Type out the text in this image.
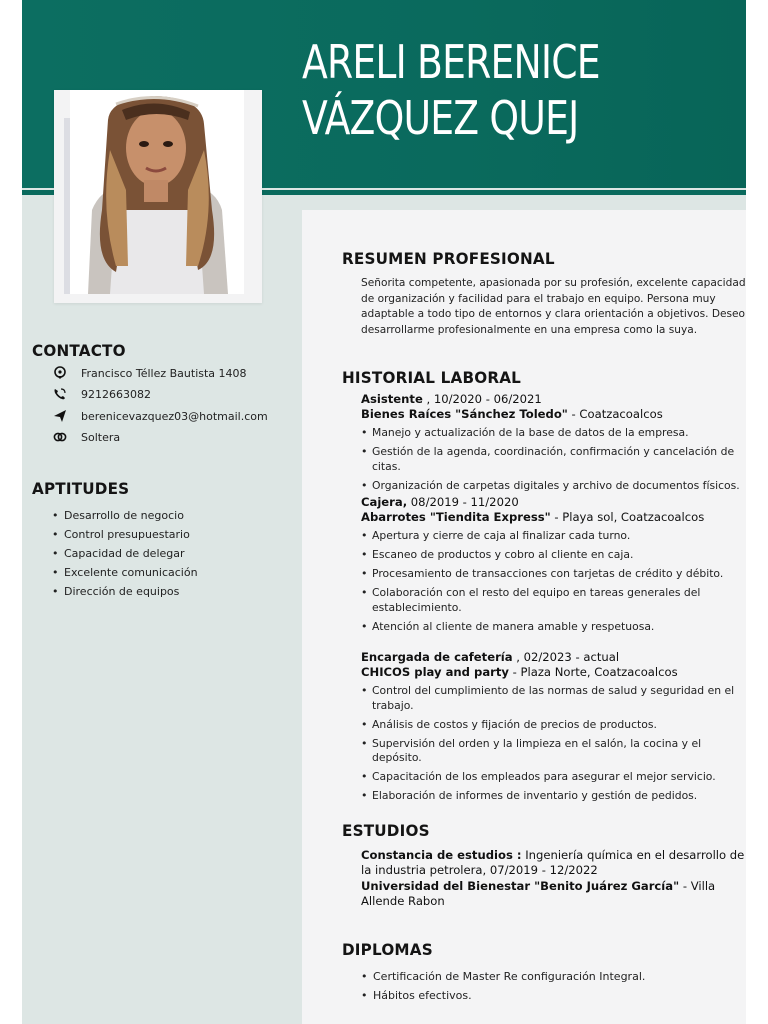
ARELI BERENICE
VÁZQUEZ QUEJ
CONTACTO
Francisco Téllez Bautista 1408
9212663082
berenicevazquez03@hotmail.com
Soltera
APTITUDES
• Desarrollo de negocio
• Control presupuestario
• Capacidad de delegar
• Excelente comunicación
• Dirección de equipos
RESUMEN PROFESIONAL
Señorita competente, apasionada por su profesión, excelente capacidad de organización y facilidad para el trabajo en equipo. Persona muy adaptable a todo tipo de entornos y clara orientación a objetivos. Deseo desarrollarme profesionalmente en una empresa como la suya.
HISTORIAL LABORAL
Asistente , 10/2020 - 06/2021
Bienes Raíces "Sánchez Toledo" - Coatzacoalcos
• Manejo y actualización de la base de datos de la empresa.
• Gestión de la agenda, coordinación, confirmación y cancelación de citas.
• Organización de carpetas digitales y archivo de documentos físicos.
Cajera, 08/2019 - 11/2020
Abarrotes "Tiendita Express" - Playa sol, Coatzacoalcos
• Apertura y cierre de caja al finalizar cada turno.
• Escaneo de productos y cobro al cliente en caja.
• Procesamiento de transacciones con tarjetas de crédito y débito.
• Colaboración con el resto del equipo en tareas generales del establecimiento.
• Atención al cliente de manera amable y respetuosa.
Encargada de cafetería , 02/2023 - actual
CHICOS play and party - Plaza Norte, Coatzacoalcos
• Control del cumplimiento de las normas de salud y seguridad en el trabajo.
• Análisis de costos y fijación de precios de productos.
• Supervisión del orden y la limpieza en el salón, la cocina y el depósito.
• Capacitación de los empleados para asegurar el mejor servicio.
• Elaboración de informes de inventario y gestión de pedidos.
ESTUDIOS
Constancia de estudios : Ingeniería química en el desarrollo de la industria petrolera, 07/2019 - 12/2022
Universidad del Bienestar "Benito Juárez García" - Villa Allende Rabon
DIPLOMAS
• Certificación de Master Re configuración Integral.
• Hábitos efectivos.
